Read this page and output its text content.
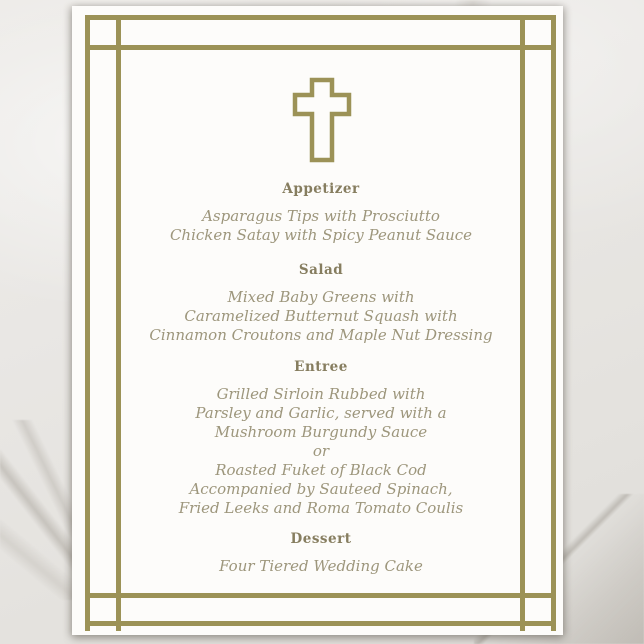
Appetizer
Asparagus Tips with Prosciutto
Chicken Satay with Spicy Peanut Sauce
Salad
Mixed Baby Greens with
Caramelized Butternut Squash with
Cinnamon Croutons and Maple Nut Dressing
Entree
Grilled Sirloin Rubbed with
Parsley and Garlic, served with a
Mushroom Burgundy Sauce
or
Roasted Fuket of Black Cod
Accompanied by Sauteed Spinach,
Fried Leeks and Roma Tomato Coulis
Dessert
Four Tiered Wedding Cake
